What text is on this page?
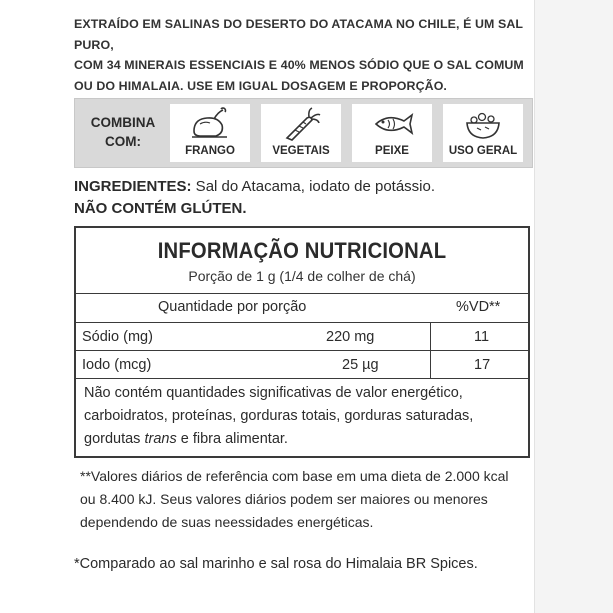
EXTRAÍDO EM SALINAS DO DESERTO DO ATACAMA NO CHILE, É UM SAL PURO,
COM 34 MINERAIS ESSENCIAIS E 40% MENOS SÓDIO QUE O SAL COMUM
OU DO HIMALAIA. USE EM IGUAL DOSAGEM E PROPORÇÃO.
COMBINA
COM:
FRANGO	VEGETAIS	PEIXE	USO GERAL
INGREDIENTES: Sal do Atacama, iodato de potássio.
NÃO CONTÉM GLÚTEN.
INFORMAÇÃO NUTRICIONAL
Porção de 1 g (1/4 de colher de chá)
Quantidade por porção	%VD**
Sódio (mg)	220 mg	11
Iodo (mcg)	25 µg	17
Não contém quantidades significativas de valor energético,
carboidratos, proteínas, gorduras totais, gorduras saturadas,
gordutas trans e fibra alimentar.
**Valores diários de referência com base em uma dieta de 2.000 kcal
ou 8.400 kJ. Seus valores diários podem ser maiores ou menores
dependendo de suas neessidades energéticas.
*Comparado ao sal marinho e sal rosa do Himalaia BR Spices.
